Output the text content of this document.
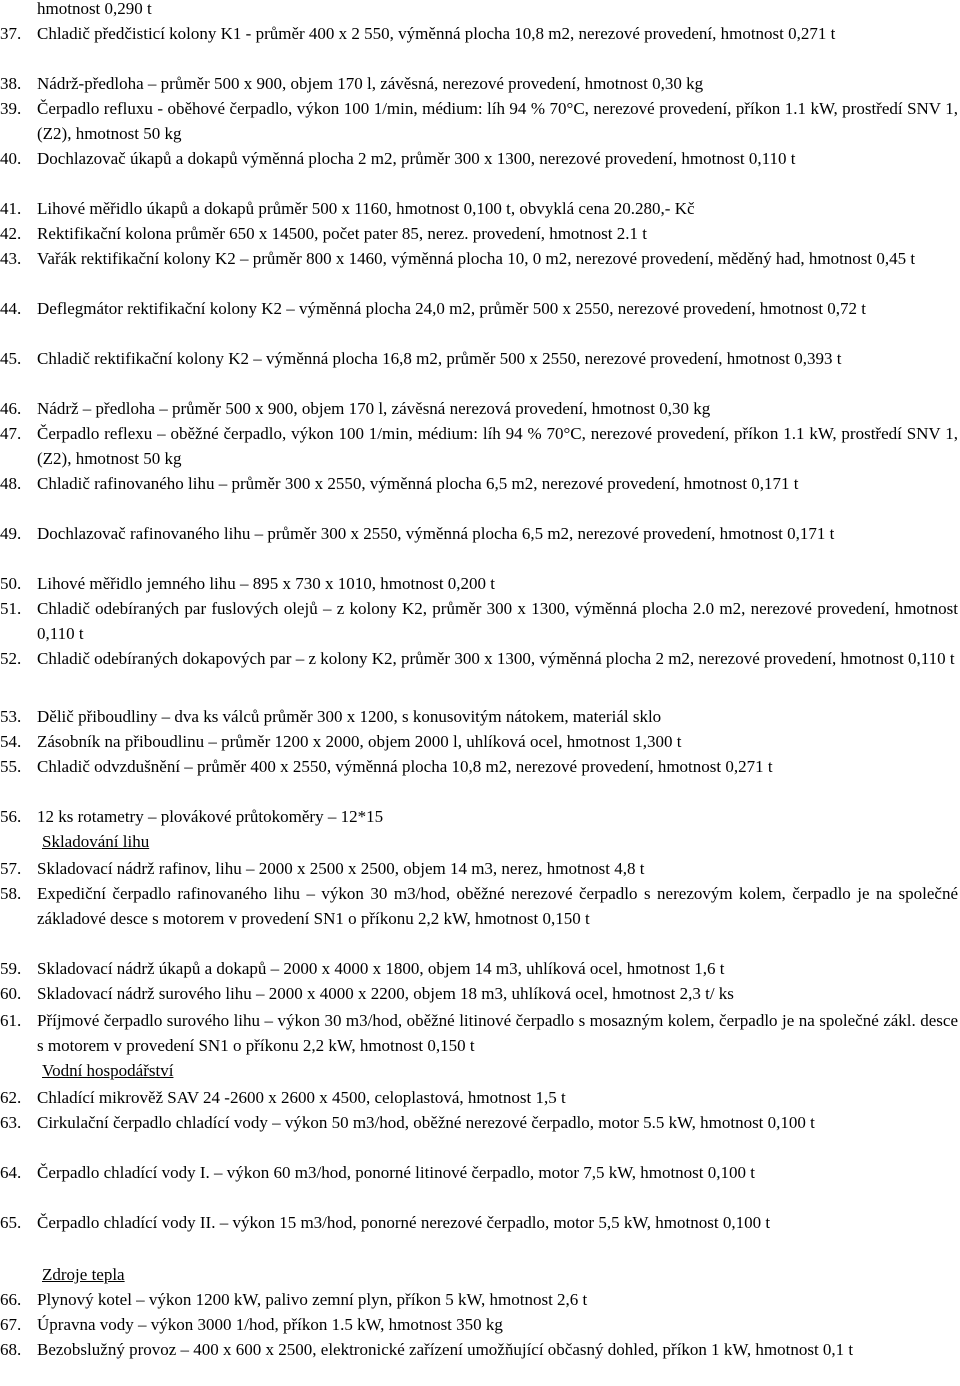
hmotnost 0,290 t
37. Chladič předčisticí kolony K1 - průměr 400 x 2 550, výměnná plocha 10,8 m2, nerezové provedení, hmotnost 0,271 t
38. Nádrž-předloha – průměr 500 x 900, objem 170 l, závěsná, nerezové provedení, hmotnost 0,30 kg
39. Čerpadlo refluxu - oběhové čerpadlo, výkon 100 1/min, médium: líh 94 % 70°C, nerezové provedení, příkon 1.1 kW, prostředí SNV 1, (Z2), hmotnost 50 kg
40. Dochlazovač úkapů a dokapů výměnná plocha 2 m2, průměr 300 x 1300, nerezové provedení, hmotnost 0,110 t
41. Lihové měřidlo úkapů a dokapů průměr 500 x 1160, hmotnost 0,100 t, obvyklá cena 20.280,- Kč
42. Rektifikační kolona průměr 650 x 14500, počet pater 85, nerez. provedení, hmotnost 2.1 t
43. Vařák rektifikační kolony K2 – průměr 800 x 1460, výměnná plocha 10, 0 m2, nerezové provedení, měděný had, hmotnost 0,45 t
44. Deflegmátor rektifikační kolony K2 – výměnná plocha 24,0 m2, průměr 500 x 2550, nerezové provedení, hmotnost 0,72 t
45. Chladič rektifikační kolony K2 – výměnná plocha 16,8 m2, průměr 500 x 2550, nerezové provedení, hmotnost 0,393 t
46. Nádrž – předloha – průměr 500 x 900, objem 170 l, závěsná nerezová provedení, hmotnost 0,30 kg
47. Čerpadlo reflexu – oběžné čerpadlo, výkon 100 1/min, médium: líh 94 % 70°C, nerezové provedení, příkon 1.1 kW, prostředí SNV 1, (Z2), hmotnost 50 kg
48. Chladič rafinovaného lihu – průměr 300 x 2550, výměnná plocha 6,5 m2, nerezové provedení, hmotnost 0,171 t
49. Dochlazovač rafinovaného lihu – průměr 300 x 2550, výměnná plocha 6,5 m2, nerezové provedení, hmotnost 0,171 t
50. Lihové měřidlo jemného lihu – 895 x 730 x 1010, hmotnost 0,200 t
51. Chladič odebíraných par fuslových olejů – z kolony K2, průměr 300 x 1300, výměnná plocha 2.0 m2, nerezové provedení, hmotnost 0,110 t
52. Chladič odebíraných dokapových par – z kolony K2, průměr 300 x 1300, výměnná plocha 2 m2, nerezové provedení, hmotnost 0,110 t
53. Dělič přiboudliny – dva ks válců průměr 300 x 1200, s konusovitým nátokem, materiál sklo
54. Zásobník na přiboudlinu – průměr 1200 x 2000, objem 2000 l, uhlíková ocel, hmotnost 1,300 t
55. Chladič odvzdušnění – průměr 400 x 2550, výměnná plocha 10,8 m2, nerezové provedení, hmotnost 0,271 t
56. 12 ks rotametry – plovákové průtokoměry – 12*15
Skladování lihu
57. Skladovací nádrž rafinov, lihu – 2000 x 2500 x 2500, objem 14 m3, nerez, hmotnost 4,8 t
58. Expediční čerpadlo rafinovaného lihu – výkon 30 m3/hod, oběžné nerezové čerpadlo s nerezovým kolem, čerpadlo je na společné základové desce s motorem v provedení SN1 o příkonu 2,2 kW, hmotnost 0,150 t
59. Skladovací nádrž úkapů a dokapů – 2000 x 4000 x 1800, objem 14 m3, uhlíková ocel, hmotnost 1,6 t
60. Skladovací nádrž surového lihu – 2000 x 4000 x 2200, objem 18 m3, uhlíková ocel, hmotnost 2,3 t/ ks
61. Příjmové čerpadlo surového lihu – výkon 30 m3/hod, oběžné litinové čerpadlo s mosazným kolem, čerpadlo je na společné zákl. desce s motorem v provedení SN1 o příkonu 2,2 kW, hmotnost 0,150 t
Vodní hospodářství
62. Chladící mikrověž SAV 24 -2600 x 2600 x 4500, celoplastová, hmotnost 1,5 t
63. Cirkulační čerpadlo chladící vody – výkon 50 m3/hod, oběžné nerezové čerpadlo, motor 5.5 kW, hmotnost 0,100 t
64. Čerpadlo chladící vody I. – výkon 60 m3/hod, ponorné litinové čerpadlo, motor 7,5 kW, hmotnost 0,100 t
65. Čerpadlo chladící vody II. – výkon 15 m3/hod, ponorné nerezové čerpadlo, motor 5,5 kW, hmotnost 0,100 t
Zdroje tepla
66. Plynový kotel – výkon 1200 kW, palivo zemní plyn, příkon 5 kW, hmotnost 2,6 t
67. Úpravna vody – výkon 3000 1/hod, příkon 1.5 kW, hmotnost 350 kg
68. Bezobslužný provoz – 400 x 600 x 2500, elektronické zařízení umožňující občasný dohled, příkon 1 kW, hmotnost 0,1 t
